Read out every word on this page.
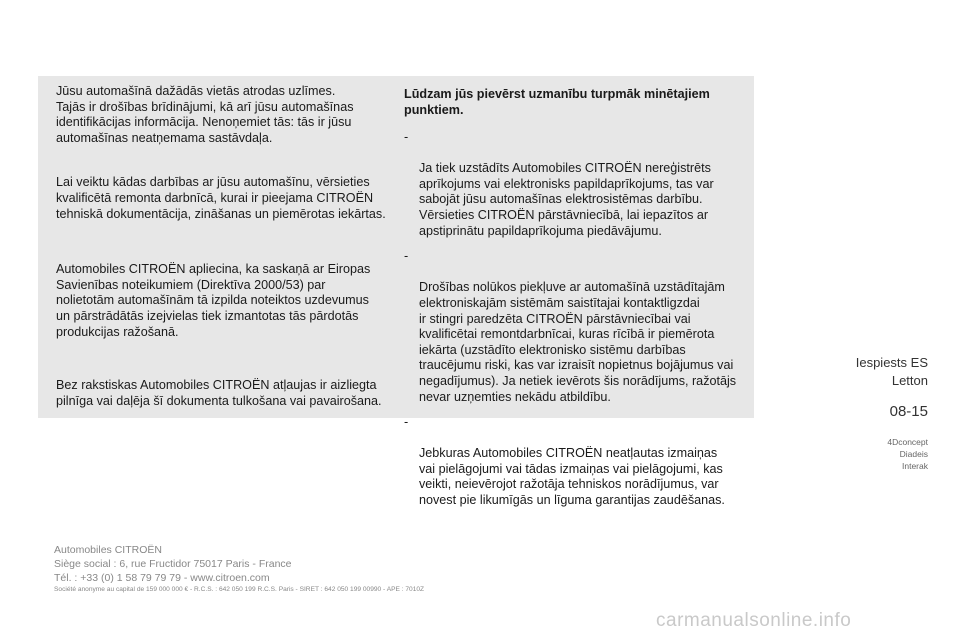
Jūsu automašīnā dažādās vietās atrodas uzlīmes.
Tajās ir drošības brīdinājumi, kā arī jūsu automašīnas
identifikācijas informācija. Nenoņemiet tās: tās ir jūsu
automašīnas neatņemama sastāvdaļa.

Lai veiktu kādas darbības ar jūsu automašīnu, vērsieties
kvalificētā remonta darbnīcā, kurai ir pieejama CITROËN
tehniskā dokumentācija, zināšanas un piemērotas iekārtas.

Automobiles CITROËN apliecina, ka saskaņā ar Eiropas
Savienības noteikumiem (Direktīva 2000/53) par
nolietotām automašīnām tā izpilda noteiktos uzdevumus
un pārstrādātās izejvielas tiek izmantotas tās pārdotās
produkcijas ražošanā.

Bez rakstiskas Automobiles CITROËN atļaujas ir aizliegta
pilnīga vai daļēja šī dokumenta tulkošana vai pavairošana.

Lūdzam jūs pievērst uzmanību turpmāk minētajiem
punktiem.

-

Ja tiek uzstādīts Automobiles CITROËN nereģistrēts
aprīkojums vai elektronisks papildaprīkojums, tas var
sabojāt jūsu automašīnas elektrosistēmas darbību.
Vērsieties CITROËN pārstāvniecībā, lai iepazītos ar
apstiprinātu papildaprīkojuma piedāvājumu.

-

Drošības nolūkos piekļuve ar automašīnā uzstādītajām
elektroniskajām sistēmām saistītajai kontaktligzdai
ir stingri paredzēta CITROËN pārstāvniecībai vai
kvalificētai remontdarbnīcai, kuras rīcībā ir piemērota
iekārta (uzstādīto elektronisko sistēmu darbības
traucējumu riski, kas var izraisīt nopietnus bojājumus vai
negadījumus). Ja netiek ievērots šis norādījums, ražotājs
nevar uzņemties nekādu atbildību.

-

Jebkuras Automobiles CITROËN neatļautas izmaiņas
vai pielāgojumi vai tādas izmaiņas vai pielāgojumi, kas
veikti, neievērojot ražotāja tehniskos norādījumus, var
novest pie likumīgās un līguma garantijas zaudēšanas.

Iespiests ES
Letton
08-15
4Dconcept
Diadeis
Interak
Automobiles CITROËN
Siège social : 6, rue Fructidor 75017 Paris - France
Tél. : +33 (0) 1 58 79 79 79 - www.citroen.com
Société anonyme au capital de 159 000 000 € - R.C.S. : 642 050 199 R.C.S. Paris - SIRET : 642 050 199 00990 - APE : 7010Z
carmanualsonline.info
